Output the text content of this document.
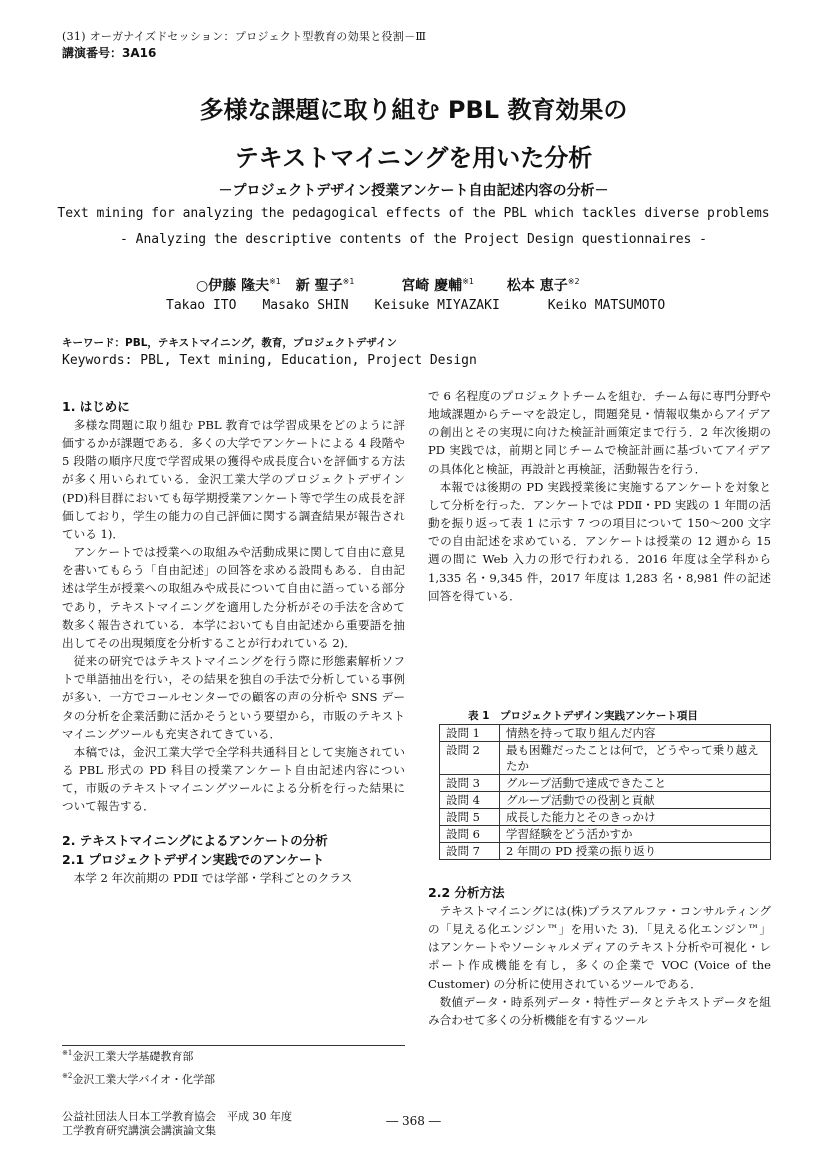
(31) オーガナイズドセッション：プロジェクト型教育の効果と役割－Ⅲ
講演番号：3A16
多様な課題に取り組む PBL 教育効果の
テキストマイニングを用いた分析
－プロジェクトデザイン授業アンケート自由記述内容の分析－
Text mining for analyzing the pedagogical effects of the PBL which tackles diverse problems
- Analyzing the descriptive contents of the Project Design questionnaires -
○伊藤 隆夫$^{※1}$ 新 聖子$^{※1}$	宮崎 慶輔$^{※1}$ 松本 恵子$^{※2}$
Takao ITO Masako SHIN Keisuke MIYAZAKI	Keiko MATSUMOTO
キーワード：PBL，テキストマイニング，教育，プロジェクトデザイン
Keywords: PBL, Text mining, Education, Project Design
1. はじめに

多様な問題に取り組む PBL 教育では学習成果をどのように評価するかが課題である．多くの大学でアンケートによる 4 段階や 5 段階の順序尺度で学習成果の獲得や成長度合いを評価する方法が多く用いられている．金沢工業大学のプロジェクトデザイン(PD)科目群においても毎学期授業アンケート等で学生の成長を評価しており，学生の能力の自己評価に関する調査結果が報告されている 1)．

アンケートでは授業への取組みや活動成果に関して自由に意見を書いてもらう「自由記述」の回答を求める設問もある．自由記述は学生が授業への取組みや成長について自由に語っている部分であり，テキストマイニングを適用した分析がその手法を含めて数多く報告されている．本学においても自由記述から重要語を抽出してその出現頻度を分析することが行われている 2)．

従来の研究ではテキストマイニングを行う際に形態素解析ソフトで単語抽出を行い，その結果を独自の手法で分析している事例が多い．一方でコールセンターでの顧客の声の分析や SNS データの分析を企業活動に活かそうという要望から，市販のテキストマイニングツールも充実されてきている．

本稿では，金沢工業大学で全学科共通科目として実施されている PBL 形式の PD 科目の授業アンケート自由記述内容について，市販のテキストマイニングツールによる分析を行った結果について報告する．

2. テキストマイニングによるアンケートの分析
2.1 プロジェクトデザイン実践でのアンケート

本学 2 年次前期の PDⅡ では学部・学科ごとのクラス

で 6 名程度のプロジェクトチームを組む．チーム毎に専門分野や地域課題からテーマを設定し，問題発見・情報収集からアイデアの創出とその実現に向けた検証計画策定まで行う．2 年次後期の PD 実践では，前期と同じチームで検証計画に基づいてアイデアの具体化と検証，再設計と再検証，活動報告を行う．

本報では後期の PD 実践授業後に実施するアンケートを対象として分析を行った．アンケートでは PDⅡ・PD 実践の 1 年間の活動を振り返って表 1 に示す 7 つの項目について 150～200 文字での自由記述を求めている．アンケートは授業の 12 週から 15 週の間に Web 入力の形で行われる．2016 年度は全学科から 1,335 名・9,345 件，2017 年度は 1,283 名・8,981 件の記述回答を得ている．

表 1　プロジェクトデザイン実践アンケート項目
設問 1	情熱を持って取り組んだ内容
設問 2	最も困難だったことは何で，どうやって乗り越えたか
設問 3	グループ活動で達成できたこと
設問 4	グループ活動での役割と貢献
設問 5	成長した能力とそのきっかけ
設問 6	学習経験をどう活かすか
設問 7	2 年間の PD 授業の振り返り
2.2 分析方法

テキストマイニングには(株)プラスアルファ・コンサルティングの「見える化エンジン™」を用いた 3)．「見える化エンジン™」はアンケートやソーシャルメディアのテキスト分析や可視化・レポート作成機能を有し，多くの企業で VOC (Voice of the Customer) の分析に使用されているツールである．

数値データ・時系列データ・特性データとテキストデータを組み合わせて多くの分析機能を有するツール

$^{※1}$金沢工業大学基礎教育部
$^{※2}$金沢工業大学バイオ・化学部
公益社団法人日本工学教育協会　平成 30 年度
工学教育研究講演会講演論文集
― 368 ―
